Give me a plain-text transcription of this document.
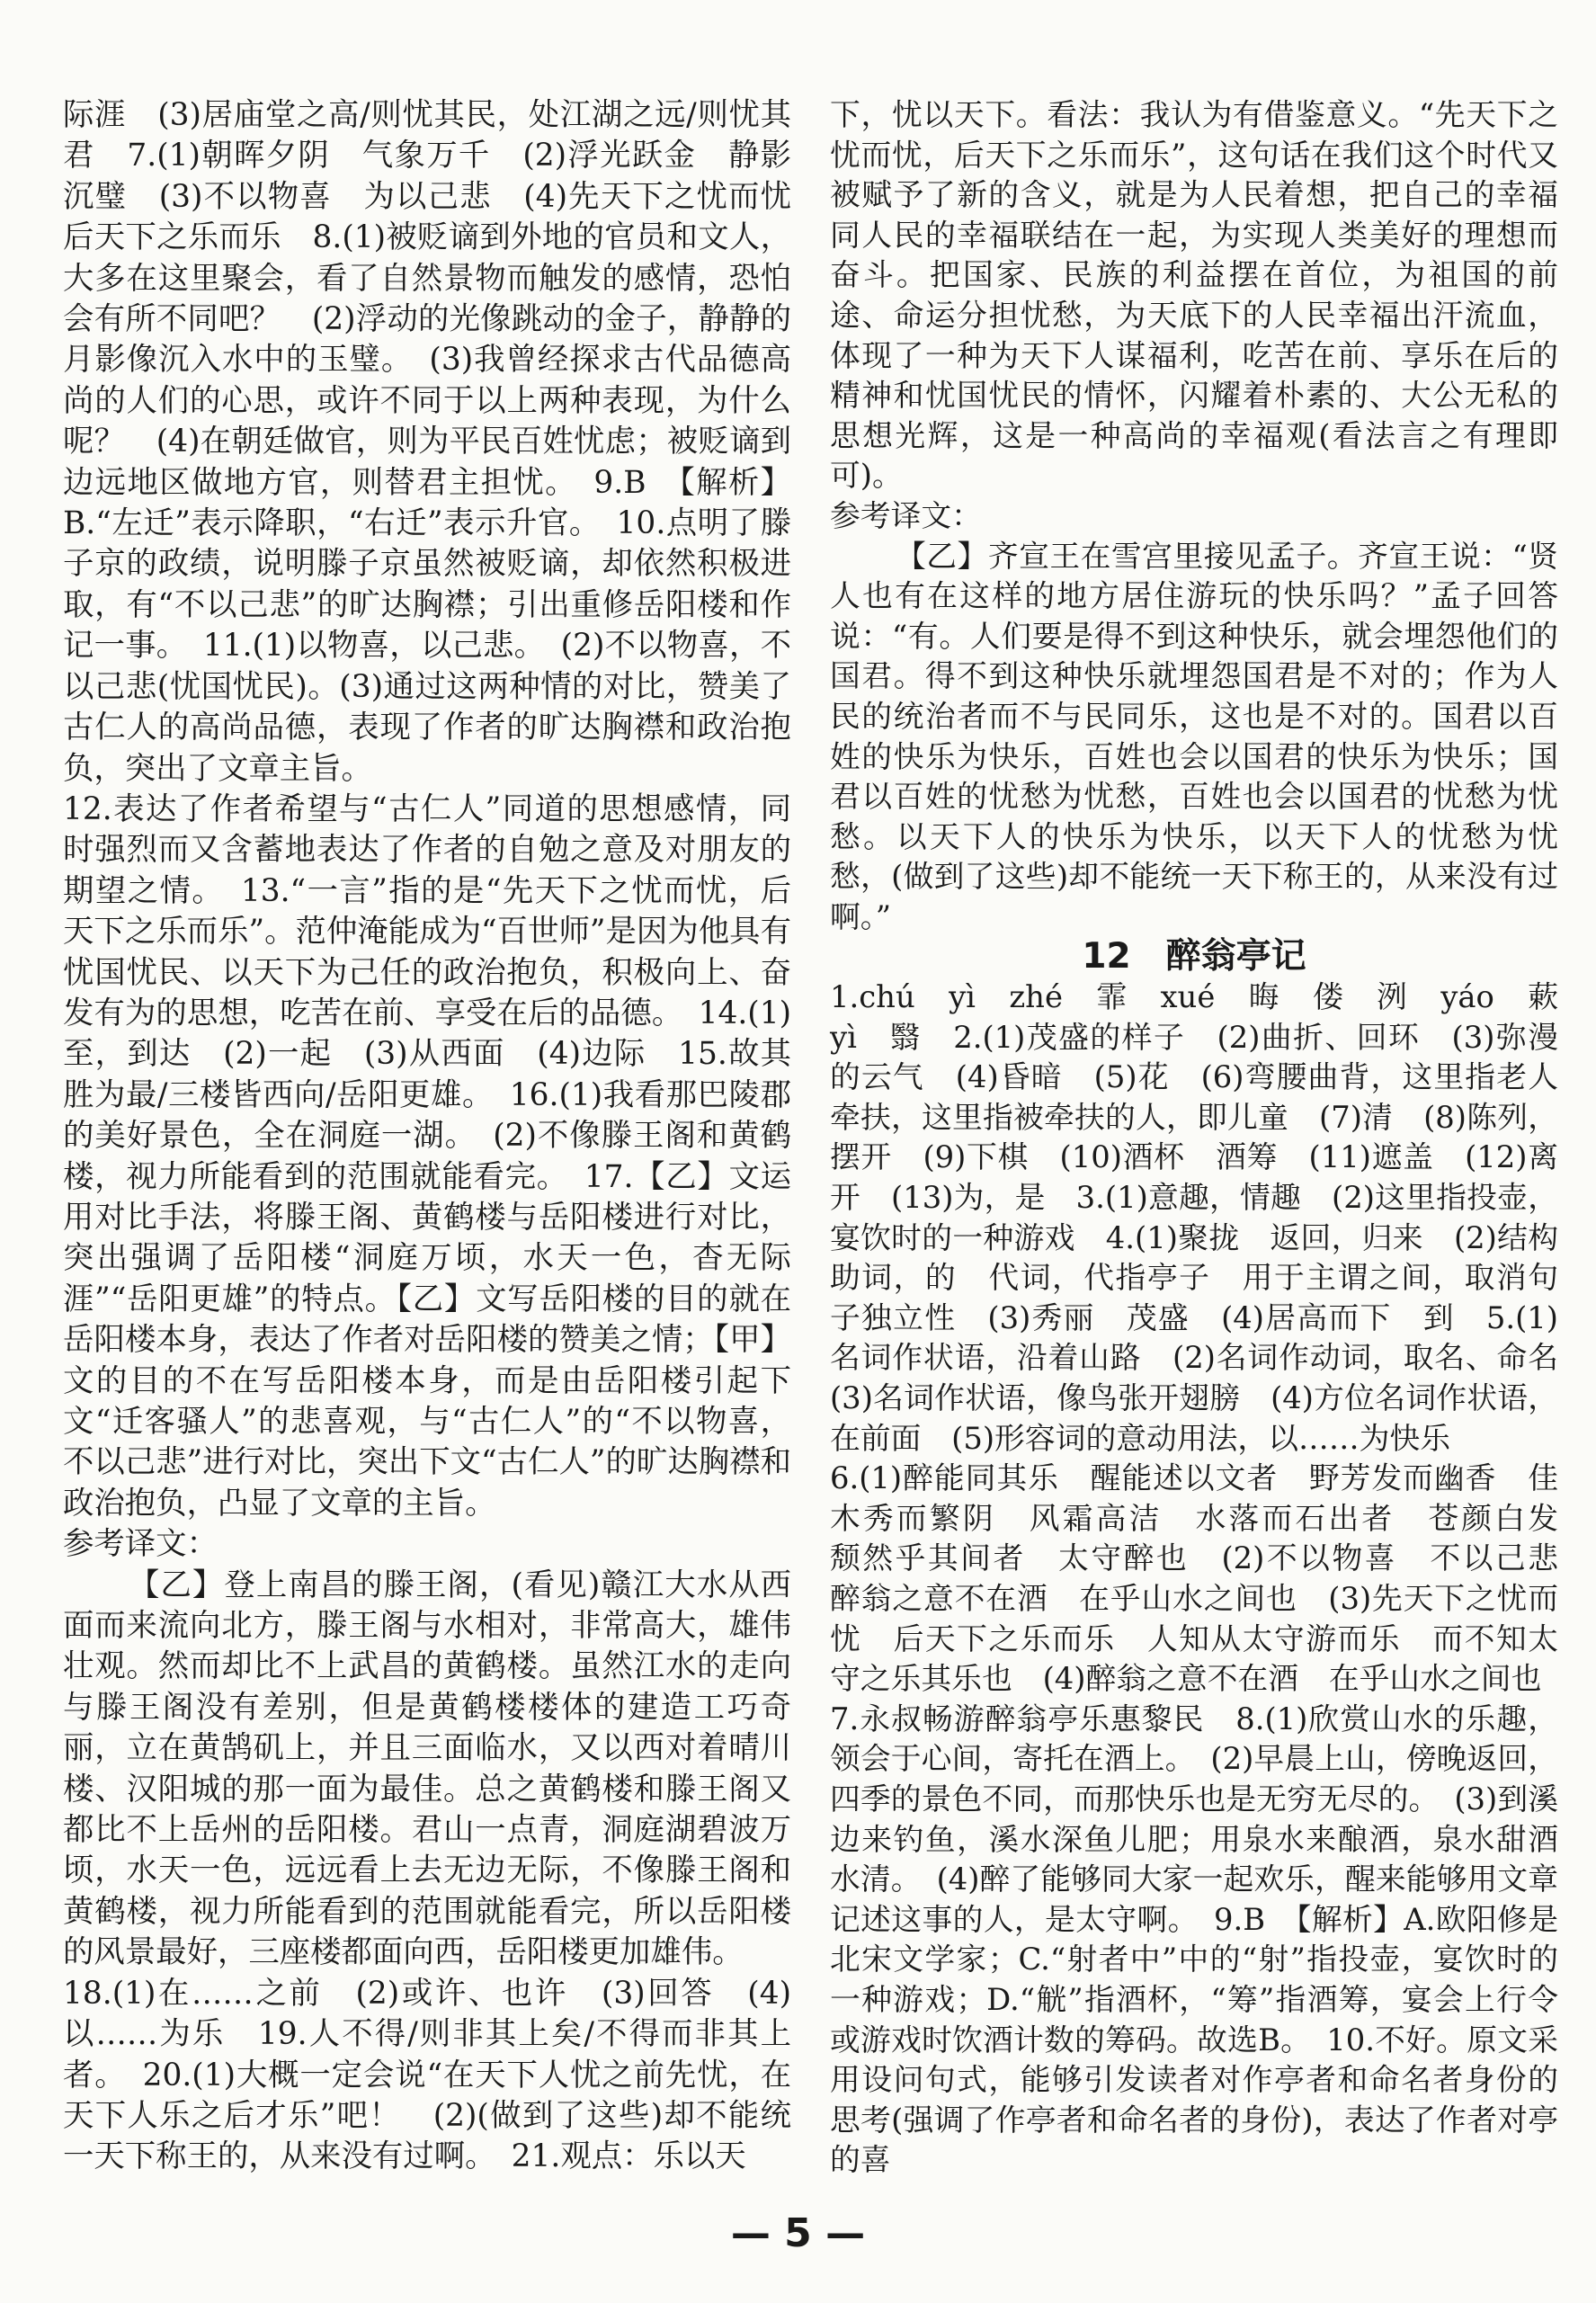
际涯　(3)居庙堂之高/则忧其民，处江湖之远/则忧其君　7.(1)朝晖夕阴　气象万千　(2)浮光跃金　静影沉璧　(3)不以物喜　为以己悲　(4)先天下之忧而忧　后天下之乐而乐　8.(1)被贬谪到外地的官员和文人，大多在这里聚会，看了自然景物而触发的感情，恐怕会有所不同吧？　(2)浮动的光像跳动的金子，静静的月影像沉入水中的玉璧。　(3)我曾经探求古代品德高尚的人们的心思，或许不同于以上两种表现，为什么呢？　(4)在朝廷做官，则为平民百姓忧虑；被贬谪到边远地区做地方官，则替君主担忧。　9.B　【解析】B.“左迁”表示降职，“右迁”表示升官。　10.点明了滕子京的政绩，说明滕子京虽然被贬谪，却依然积极进取，有“不以己悲”的旷达胸襟；引出重修岳阳楼和作记一事。　11.(1)以物喜，以己悲。　(2)不以物喜，不以己悲(忧国忧民)。(3)通过这两种情的对比，赞美了古仁人的高尚品德，表现了作者的旷达胸襟和政治抱负，突出了文章主旨。

12.表达了作者希望与“古仁人”同道的思想感情，同时强烈而又含蓄地表达了作者的自勉之意及对朋友的期望之情。　13.“一言”指的是“先天下之忧而忧，后天下之乐而乐”。范仲淹能成为“百世师”是因为他具有忧国忧民、以天下为己任的政治抱负，积极向上、奋发有为的思想，吃苦在前、享受在后的品德。　14.(1)至，到达　(2)一起　(3)从西面　(4)边际　15.故其胜为最/三楼皆西向/岳阳更雄。　16.(1)我看那巴陵郡的美好景色，全在洞庭一湖。　(2)不像滕王阁和黄鹤楼，视力所能看到的范围就能看完。　17.【乙】文运用对比手法，将滕王阁、黄鹤楼与岳阳楼进行对比，突出强调了岳阳楼“洞庭万顷，水天一色，杳无际涯”“岳阳更雄”的特点。【乙】文写岳阳楼的目的就在岳阳楼本身，表达了作者对岳阳楼的赞美之情；【甲】文的目的不在写岳阳楼本身，而是由岳阳楼引起下文“迁客骚人”的悲喜观，与“古仁人”的“不以物喜，不以己悲”进行对比，突出下文“古仁人”的旷达胸襟和政治抱负，凸显了文章的主旨。

参考译文：

【乙】登上南昌的滕王阁，(看见)赣江大水从西面而来流向北方，滕王阁与水相对，非常高大，雄伟壮观。然而却比不上武昌的黄鹤楼。虽然江水的走向与滕王阁没有差别，但是黄鹤楼楼体的建造工巧奇丽，立在黄鹄矶上，并且三面临水，又以西对着晴川楼、汉阳城的那一面为最佳。总之黄鹤楼和滕王阁又都比不上岳州的岳阳楼。君山一点青，洞庭湖碧波万顷，水天一色，远远看上去无边无际，不像滕王阁和黄鹤楼，视力所能看到的范围就能看完，所以岳阳楼的风景最好，三座楼都面向西，岳阳楼更加雄伟。

18.(1)在……之前　(2)或许、也许　(3)回答　(4)以……为乐　19.人不得/则非其上矣/不得而非其上者。　20.(1)大概一定会说“在天下人忧之前先忧，在天下人乐之后才乐”吧！　(2)(做到了这些)却不能统一天下称王的，从来没有过啊。　21.观点：乐以天

下，忧以天下。看法：我认为有借鉴意义。“先天下之忧而忧，后天下之乐而乐”，这句话在我们这个时代又被赋予了新的含义，就是为人民着想，把自己的幸福同人民的幸福联结在一起，为实现人类美好的理想而奋斗。把国家、民族的利益摆在首位，为祖国的前途、命运分担忧愁，为天底下的人民幸福出汗流血，体现了一种为天下人谋福利，吃苦在前、享乐在后的精神和忧国忧民的情怀，闪耀着朴素的、大公无私的思想光辉，这是一种高尚的幸福观(看法言之有理即可)。

参考译文：

【乙】齐宣王在雪宫里接见孟子。齐宣王说：“贤人也有在这样的地方居住游玩的快乐吗？”孟子回答说：“有。人们要是得不到这种快乐，就会埋怨他们的国君。得不到这种快乐就埋怨国君是不对的；作为人民的统治者而不与民同乐，这也是不对的。国君以百姓的快乐为快乐，百姓也会以国君的快乐为快乐；国君以百姓的忧愁为忧愁，百姓也会以国君的忧愁为忧愁。以天下人的快乐为快乐，以天下人的忧愁为忧愁，(做到了这些)却不能统一天下称王的，从来没有过啊。”

12　醉翁亭记

1.chú　yì　zhé　霏　xué　晦　偻　洌　yáo　蔌　yì　翳　2.(1)茂盛的样子　(2)曲折、回环　(3)弥漫的云气　(4)昏暗　(5)花　(6)弯腰曲背，这里指老人　牵扶，这里指被牵扶的人，即儿童　(7)清　(8)陈列，摆开　(9)下棋　(10)酒杯　酒筹　(11)遮盖　(12)离开　(13)为，是　3.(1)意趣，情趣　(2)这里指投壶，宴饮时的一种游戏　4.(1)聚拢　返回，归来　(2)结构助词，的　代词，代指亭子　用于主谓之间，取消句子独立性　(3)秀丽　茂盛　(4)居高而下　到　5.(1)名词作状语，沿着山路　(2)名词作动词，取名、命名　(3)名词作状语，像鸟张开翅膀　(4)方位名词作状语，在前面　(5)形容词的意动用法，以……为快乐

6.(1)醉能同其乐　醒能述以文者　野芳发而幽香　佳木秀而繁阴　风霜高洁　水落而石出者　苍颜白发　颓然乎其间者　太守醉也　(2)不以物喜　不以己悲　醉翁之意不在酒　在乎山水之间也　(3)先天下之忧而忧　后天下之乐而乐　人知从太守游而乐　而不知太守之乐其乐也　(4)醉翁之意不在酒　在乎山水之间也

7.永叔畅游醉翁亭乐惠黎民　8.(1)欣赏山水的乐趣，领会于心间，寄托在酒上。　(2)早晨上山，傍晚返回，四季的景色不同，而那快乐也是无穷无尽的。　(3)到溪边来钓鱼，溪水深鱼儿肥；用泉水来酿酒，泉水甜酒水清。　(4)醉了能够同大家一起欢乐，醒来能够用文章记述这事的人，是太守啊。　9.B　【解析】A.欧阳修是北宋文学家；C.“射者中”中的“射”指投壶，宴饮时的一种游戏；D.“觥”指酒杯，“筹”指酒筹，宴会上行令或游戏时饮酒计数的筹码。故选B。　10.不好。原文采用设问句式，能够引发读者对作亭者和命名者身份的思考(强调了作亭者和命名者的身份)，表达了作者对亭的喜

— 5 —
